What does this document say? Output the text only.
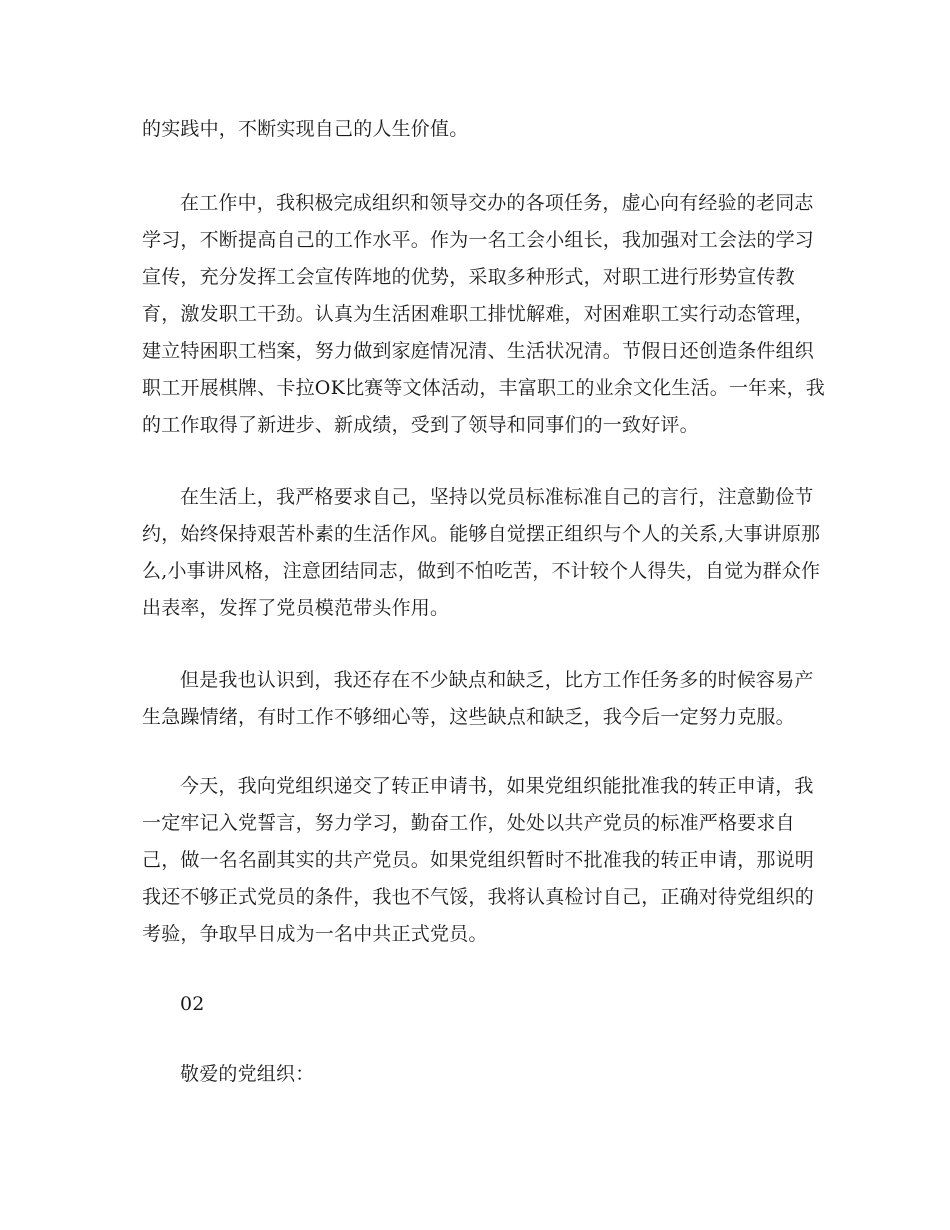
的实践中，不断实现自己的人生价值。
在工作中，我积极完成组织和领导交办的各项任务，虚心向有经验的老同志
学习，不断提高自己的工作水平。作为一名工会小组长，我加强对工会法的学习
宣传，充分发挥工会宣传阵地的优势，采取多种形式，对职工进行形势宣传教
育，激发职工干劲。认真为生活困难职工排忧解难，对困难职工实行动态管理，
建立特困职工档案，努力做到家庭情况清、生活状况清。节假日还创造条件组织
职工开展棋牌、卡拉OK比赛等文体活动，丰富职工的业余文化生活。一年来，我
的工作取得了新进步、新成绩，受到了领导和同事们的一致好评。
在生活上，我严格要求自己，坚持以党员标准标准自己的言行，注意勤俭节
约，始终保持艰苦朴素的生活作风。能够自觉摆正组织与个人的关系,大事讲原那
么,小事讲风格，注意团结同志，做到不怕吃苦，不计较个人得失，自觉为群众作
出表率，发挥了党员模范带头作用。
但是我也认识到，我还存在不少缺点和缺乏，比方工作任务多的时候容易产
生急躁情绪，有时工作不够细心等，这些缺点和缺乏，我今后一定努力克服。
今天，我向党组织递交了转正申请书，如果党组织能批准我的转正申请，我
一定牢记入党誓言，努力学习，勤奋工作，处处以共产党员的标准严格要求自
己，做一名名副其实的共产党员。如果党组织暂时不批准我的转正申请，那说明
我还不够正式党员的条件，我也不气馁，我将认真检讨自己，正确对待党组织的
考验，争取早日成为一名中共正式党员。
02
敬爱的党组织：
